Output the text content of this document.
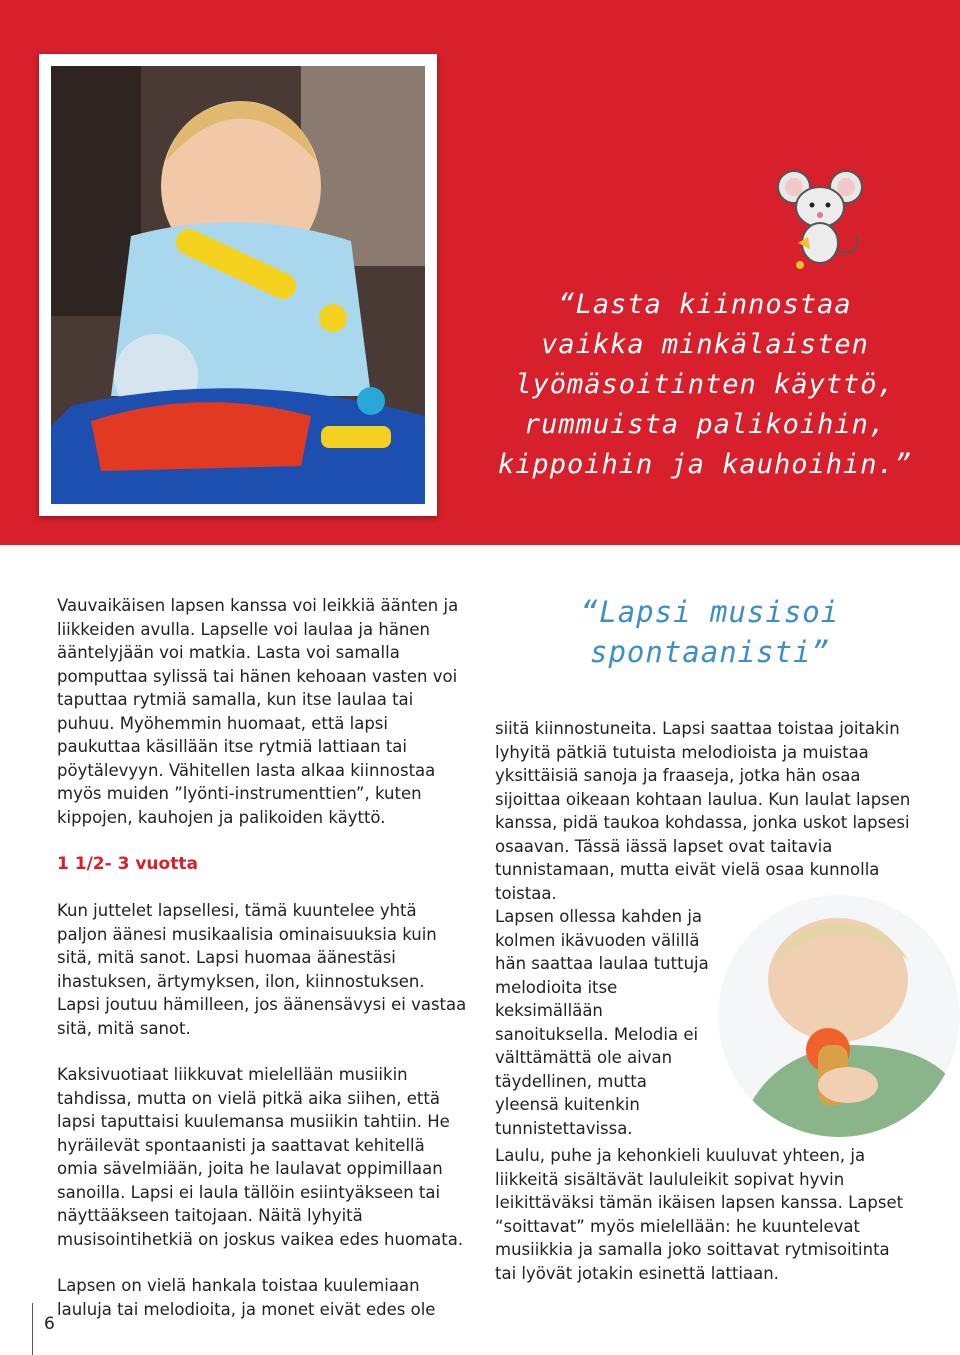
“Lasta kiinnostaa
vaikka minkälaisten
lyömäsoitinten käyttö,
rummuista palikoihin,
kippoihin ja kauhoihin.”

Vauvaikäisen lapsen kanssa voi leikkiä äänten ja liikkeiden avulla. Lapselle voi laulaa ja hänen ääntelyjään voi matkia. Lasta voi samalla pomputtaa sylissä tai hänen kehoaan vasten voi taputtaa rytmiä samalla, kun itse laulaa tai puhuu. Myöhemmin huomaat, että lapsi paukuttaa käsillään itse rytmiä lattiaan tai pöytälevyyn. Vähitellen lasta alkaa kiinnostaa myös muiden ”lyönti-instrumenttien”, kuten kippojen, kauhojen ja palikoiden käyttö.

1 1/2- 3 vuotta

Kun juttelet lapsellesi, tämä kuuntelee yhtä paljon äänesi musikaalisia ominaisuuksia kuin sitä, mitä sanot. Lapsi huomaa äänestäsi ihastuksen, ärtymyksen, ilon, kiinnostuksen. Lapsi joutuu hämilleen, jos äänensävysi ei vastaa sitä, mitä sanot.

Kaksivuotiaat liikkuvat mielellään musiikin tahdissa, mutta on vielä pitkä aika siihen, että lapsi taputtaisi kuulemansa musiikin tahtiin. He hyräilevät spontaanisti ja saattavat kehitellä omia sävelmiään, joita he laulavat oppimillaan sanoilla. Lapsi ei laula tällöin esiintyäkseen tai näyttääkseen taitojaan. Näitä lyhyitä musisointihetkiä on joskus vaikea edes huomata.

Lapsen on vielä hankala toistaa kuulemiaan lauluja tai melodioita, ja monet eivät edes ole

“Lapsi musisoi
spontaanisti”

siitä kiinnostuneita. Lapsi saattaa toistaa joitakin lyhyitä pätkiä tutuista melodioista ja muistaa yksittäisiä sanoja ja fraaseja, jotka hän osaa sijoittaa oikeaan kohtaan laulua. Kun laulat lapsen kanssa, pidä taukoa kohdassa, jonka uskot lapsesi osaavan. Tässä iässä lapset ovat taitavia tunnistamaan, mutta eivät vielä osaa kunnolla toistaa.

Lapsen ollessa kahden ja kolmen ikävuoden välillä hän saattaa laulaa tuttuja melodioita itse keksimällään sanoituksella. Melodia ei välttämättä ole aivan täydellinen, mutta yleensä kuitenkin tunnistettavissa.

Laulu, puhe ja kehonkieli kuuluvat yhteen, ja liikkeitä sisältävät laululeikit sopivat hyvin leikittäväksi tämän ikäisen lapsen kanssa. Lapset “soittavat” myös mielellään: he kuuntelevat musiikkia ja samalla joko soittavat rytmisoitinta tai lyövät jotakin esinettä lattiaan.

6
